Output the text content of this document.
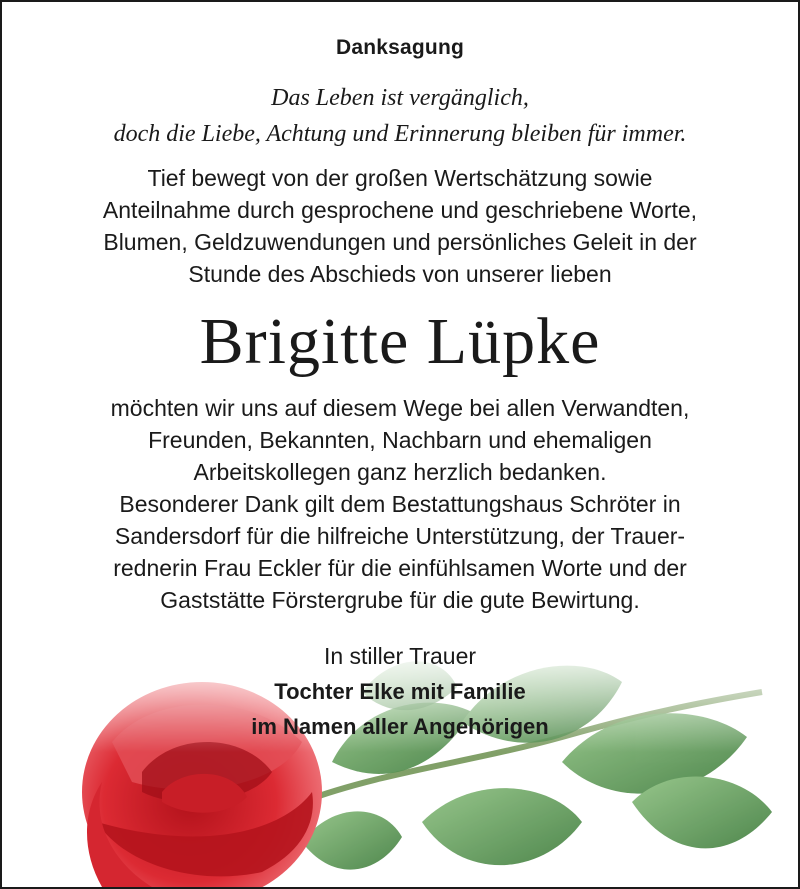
Danksagung
Das Leben ist vergänglich,
doch die Liebe, Achtung und Erinnerung bleiben für immer.
Tief bewegt von der großen Wertschätzung sowie
Anteilnahme durch gesprochene und geschriebene Worte,
Blumen, Geldzuwendungen und persönliches Geleit in der
Stunde des Abschieds von unserer lieben
Brigitte Lüpke
möchten wir uns auf diesem Wege bei allen Verwandten,
Freunden, Bekannten, Nachbarn und ehemaligen
Arbeitskollegen ganz herzlich bedanken.
Besonderer Dank gilt dem Bestattungshaus Schröter in
Sandersdorf für die hilfreiche Unterstützung, der Trauer-
rednerin Frau Eckler für die einfühlsamen Worte und der
Gaststätte Förstergrube für die gute Bewirtung.
In stiller Trauer
Tochter Elke mit Familie
im Namen aller Angehörigen
